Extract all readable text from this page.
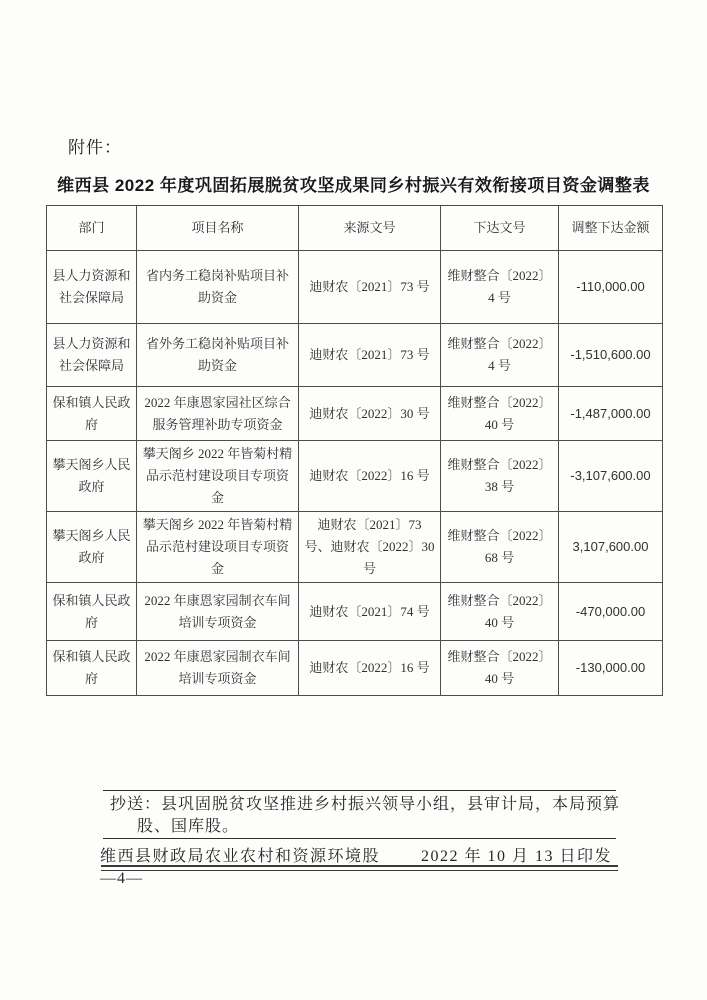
附件：
维西县 2022 年度巩固拓展脱贫攻坚成果同乡村振兴有效衔接项目资金调整表
部门	项目名称	来源文号	下达文号	调整下达金额
县人力资源和社会保障局	省内务工稳岗补贴项目补助资金	迪财农〔2021〕73 号	维财整合〔2022〕4 号	-110,000.00
县人力资源和社会保障局	省外务工稳岗补贴项目补助资金	迪财农〔2021〕73 号	维财整合〔2022〕4 号	-1,510,600.00
保和镇人民政府	2022 年康恩家园社区综合服务管理补助专项资金	迪财农〔2022〕30 号	维财整合〔2022〕40 号	-1,487,000.00
攀天阁乡人民政府	攀天阁乡 2022 年皆菊村精品示范村建设项目专项资金	迪财农〔2022〕16 号	维财整合〔2022〕38 号	-3,107,600.00
攀天阁乡人民政府	攀天阁乡 2022 年皆菊村精品示范村建设项目专项资金	迪财农〔2021〕73 号、迪财农〔2022〕30 号	维财整合〔2022〕68 号	3,107,600.00
保和镇人民政府	2022 年康恩家园制衣车间培训专项资金	迪财农〔2021〕74 号	维财整合〔2022〕40 号	-470,000.00
保和镇人民政府	2022 年康恩家园制衣车间培训专项资金	迪财农〔2022〕16 号	维财整合〔2022〕40 号	-130,000.00
抄送：县巩固脱贫攻坚推进乡村振兴领导小组，县审计局，本局预算股、国库股。
维西县财政局农业农村和资源环境股	2022 年 10 月 13 日印发
—4—
